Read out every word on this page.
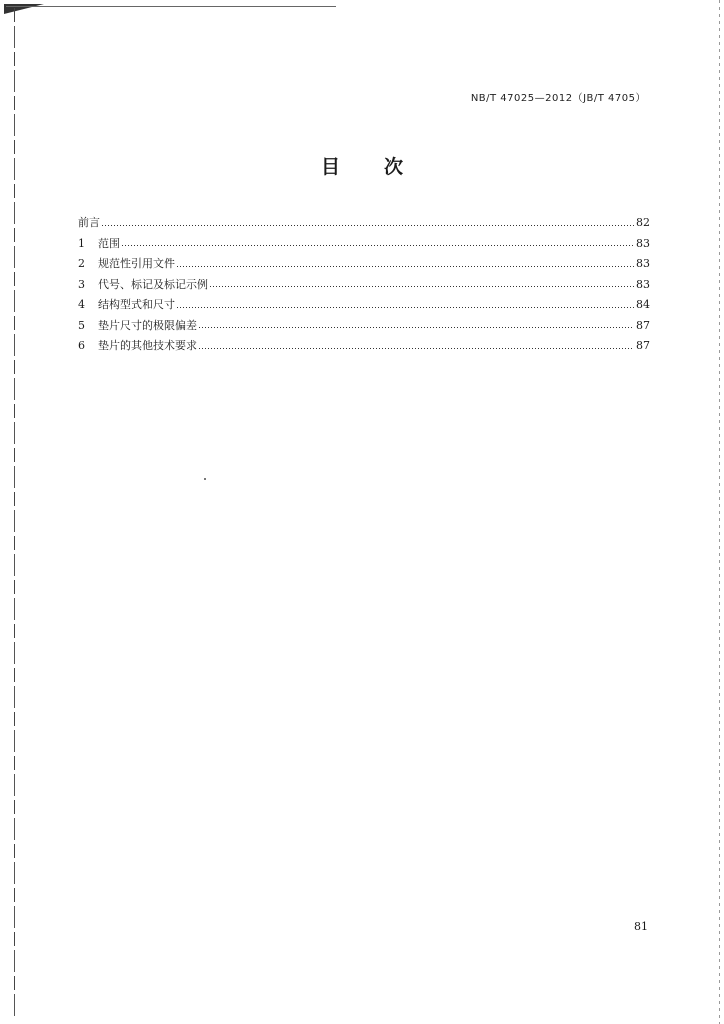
NB/T 47025—2012（JB/T 4705）
目 次
前言	82
1	范围	83
2	规范性引用文件	83
3	代号、标记及标记示例	83
4	结构型式和尺寸	84
5	垫片尺寸的极限偏差	87
6	垫片的其他技术要求	87
81
